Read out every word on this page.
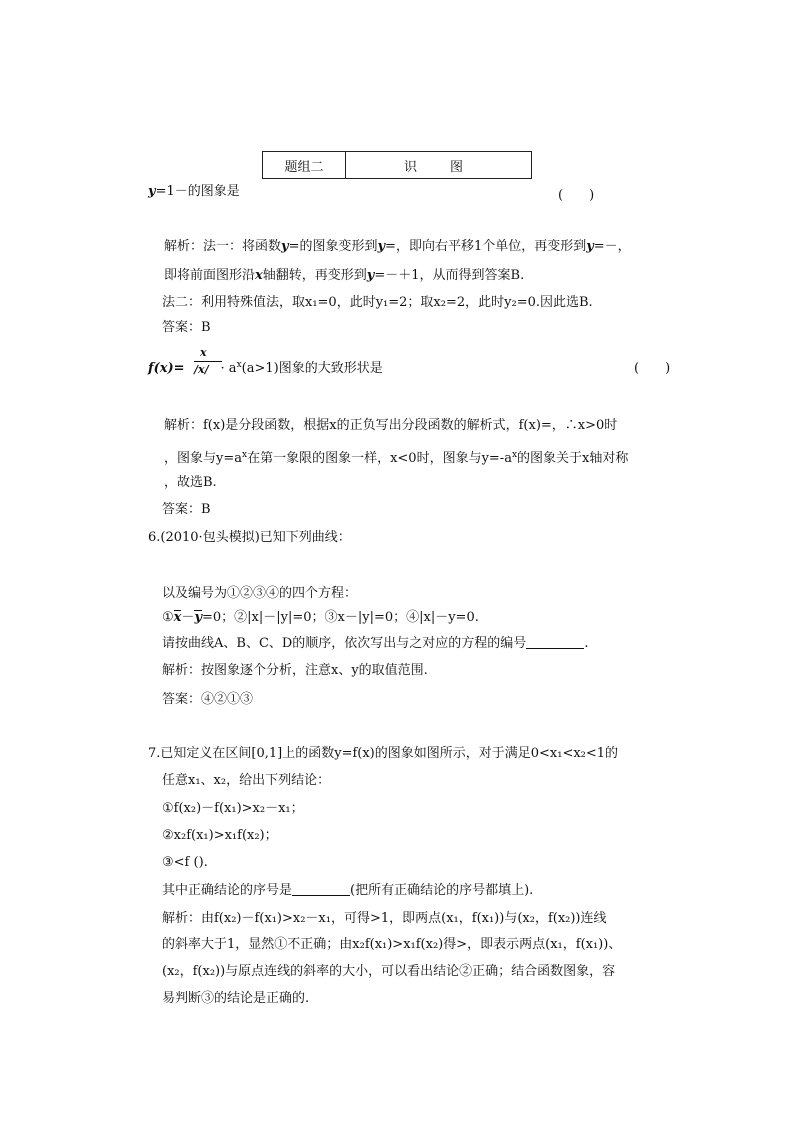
题组二	识　图
y=1－的图象是	(　　)
解析：法一：将函数y=的图象变形到y=，即向右平移1个单位，再变形到y=－，
即将前面图形沿x轴翻转，再变形到y=－＋1，从而得到答案B.
法二：利用特殊值法，取x₁=0，此时y₁=2；取x₂=2，此时y₂=0.因此选B.
答案：B
f(x)=	· $a^x(a>1)$图象的大致形状是
x
/x/	(　　)
解析：f(x)是分段函数，根据x的正负写出分段函数的解析式，f(x)=，∴x>0时
，图象与$y=a^x$在第一象限的图象一样，x<0时，图象与$y=-a^x$的图象关于x轴对称
，故选B.
答案：B
6.(2010·包头模拟)已知下列曲线：
以及编号为①②③④的四个方程：
①x－y=0；②|x|－|y|=0；③x－|y|=0；④|x|－y=0.
请按曲线A、B、C、D的顺序，依次写出与之对应的方程的编号	.
解析：按图象逐个分析，注意x、y的取值范围.
答案：④②①③
7.已知定义在区间[0,1]上的函数y=f(x)的图象如图所示，对于满足0<x₁<x₂<1的
任意x₁、x₂，给出下列结论：
①f(x₂)－f(x₁)>x₂－x₁；
②x₂f(x₁)>x₁f(x₂)；
③<f ().
其中正确结论的序号是	(把所有正确结论的序号都填上).
解析：由f(x₂)－f(x₁)>x₂－x₁，可得>1，即两点(x₁，f(x₁))与(x₂，f(x₂))连线
的斜率大于1，显然①不正确；由x₂f(x₁)>x₁f(x₂)得>，即表示两点(x₁，f(x₁))、
(x₂，f(x₂))与原点连线的斜率的大小，可以看出结论②正确；结合函数图象，容
易判断③的结论是正确的.
